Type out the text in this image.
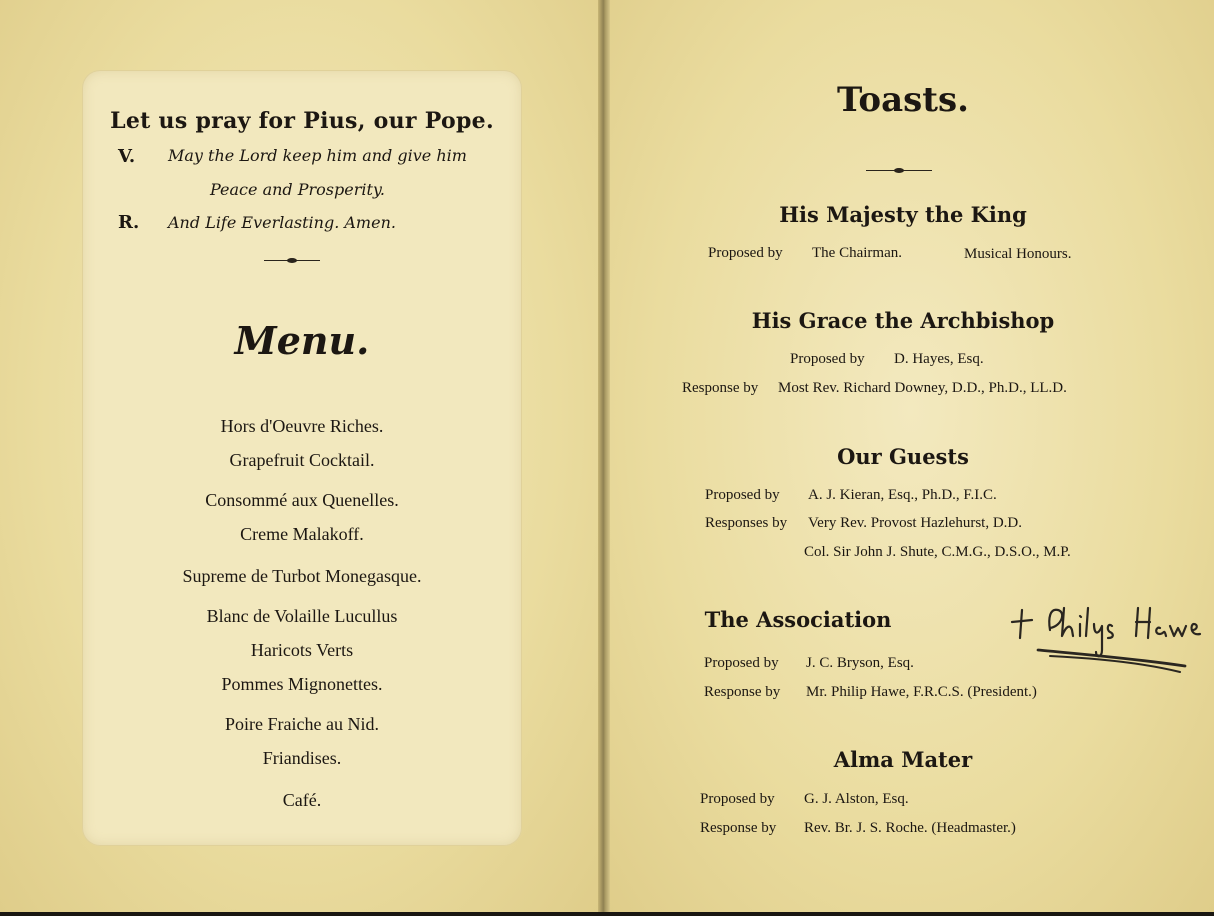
Let us pray for Pius, our Pope.
V. May the Lord keep him and give him
Peace and Prosperity.
R. And Life Everlasting. Amen.
Menu.
Hors d'Oeuvre Riches.
Grapefruit Cocktail.
Consommé aux Quenelles.
Creme Malakoff.
Supreme de Turbot Monegasque.
Blanc de Volaille Lucullus
Haricots Verts
Pommes Mignonettes.
Poire Fraiche au Nid.
Friandises.
Café.
Toasts.
His Majesty the King
Proposed by The Chairman.	Musical Honours.
His Grace the Archbishop
Proposed by D. Hayes, Esq.
Response by Most Rev. Richard Downey, D.D., Ph.D., LL.D.
Our Guests
Proposed by A. J. Kieran, Esq., Ph.D., F.I.C.
Responses by Very Rev. Provost Hazlehurst, D.D.
Col. Sir John J. Shute, C.M.G., D.S.O., M.P.
The Association
Proposed by J. C. Bryson, Esq.
Response by Mr. Philip Hawe, F.R.C.S. (President.)
Alma Mater
Proposed by G. J. Alston, Esq.
Response by Rev. Br. J. S. Roche. (Headmaster.)
